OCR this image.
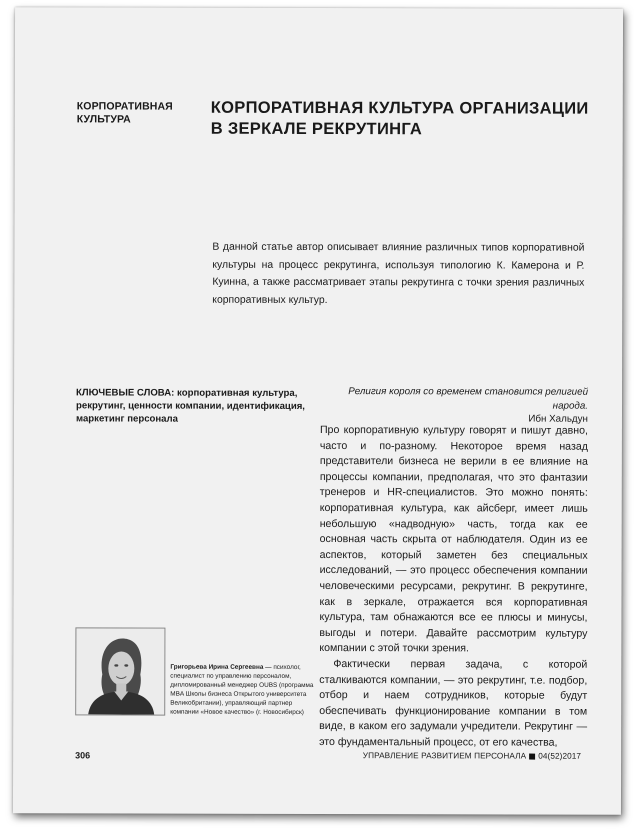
КОРПОРАТИВНАЯ КУЛЬТУРА
КОРПОРАТИВНАЯ КУЛЬТУРА ОРГАНИЗАЦИИ В ЗЕРКАЛЕ РЕКРУТИНГА
В данной статье автор описывает влияние различных типов корпоративной культуры на процесс рекрутинга, используя типологию К. Камерона и Р. Куинна, а также рассматривает этапы рекрутинга с точки зрения различных корпоративных культур.
КЛЮЧЕВЫЕ СЛОВА: корпоративная культура, рекрутинг, ценности компании, идентификация, маркетинг персонала
Религия короля со временем становится религией народа.
Ибн Хальдун

Про корпоративную культуру говорят и пишут давно, часто и по-разному. Некоторое время назад представители бизнеса не верили в ее влияние на процессы компании, предполагая, что это фантазии тренеров и HR-специалистов. Это можно понять: корпоративная культура, как айсберг, имеет лишь небольшую «надводную» часть, тогда как ее основная часть скрыта от наблюдателя. Один из ее аспектов, который заметен без специальных исследований, — это процесс обеспечения компании человеческими ресурсами, рекрутинг. В рекрутинге, как в зеркале, отражается вся корпоративная культура, там обнажаются все ее плюсы и минусы, выгоды и потери. Давайте рассмотрим культуру компании с этой точки зрения.

Фактически первая задача, с которой сталкиваются компании, — это рекрутинг, т.е. подбор, отбор и наем сотрудников, которые будут обеспечивать функционирование компании в том виде, в каком его задумали учредители. Рекрутинг — это фундаментальный процесс, от его качества,

Григорьева Ирина Сергеевна — психолог, специалист по управлению персоналом, дипломированный менеджер OUBS (программа MBA Школы бизнеса Открытого университета Великобритании), управляющий партнер компании «Новое качество» (г. Новосибирск)
306	УПРАВЛЕНИЕ РАЗВИТИЕМ ПЕРСОНАЛА 04(52)2017
